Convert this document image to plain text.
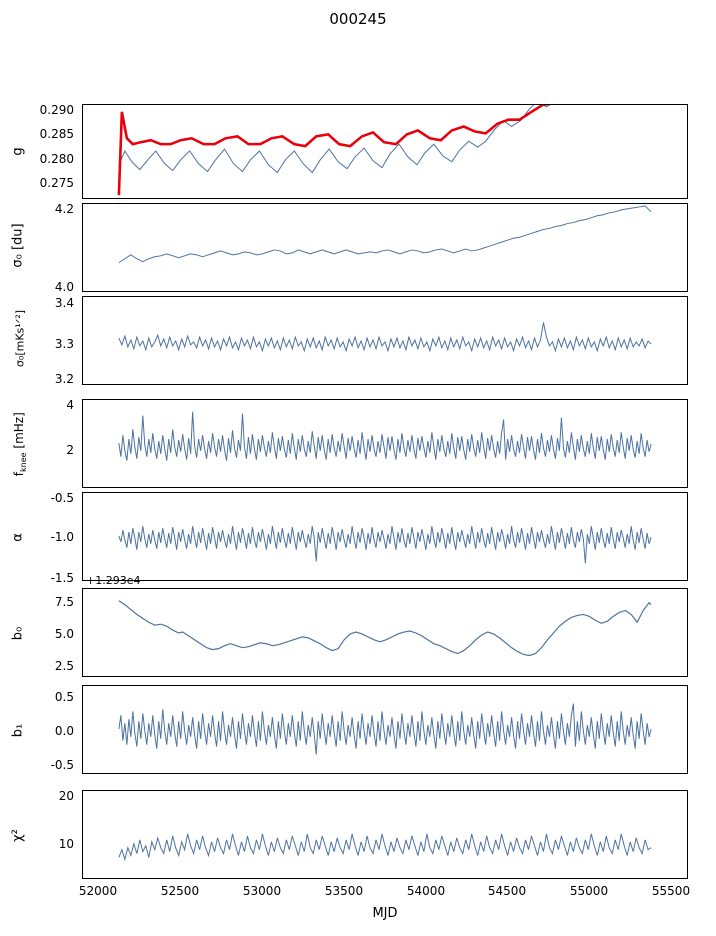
000245
g
0.275
0.280
0.285
0.290
σ₀ [du]
4.0
4.2
σ₀[mKs¹ᐟ²]
3.2
3.3
3.4
$f_{knee}$ [mHz]	2
4
α
-1.5
-1.0
-0.5
+1.293e4
b₀
2.5
5.0
7.5
b₁
-0.5
0.0
0.5
χ²
10
20
52000	52500	53000	53500	54000	54500	55000	55500
MJD
